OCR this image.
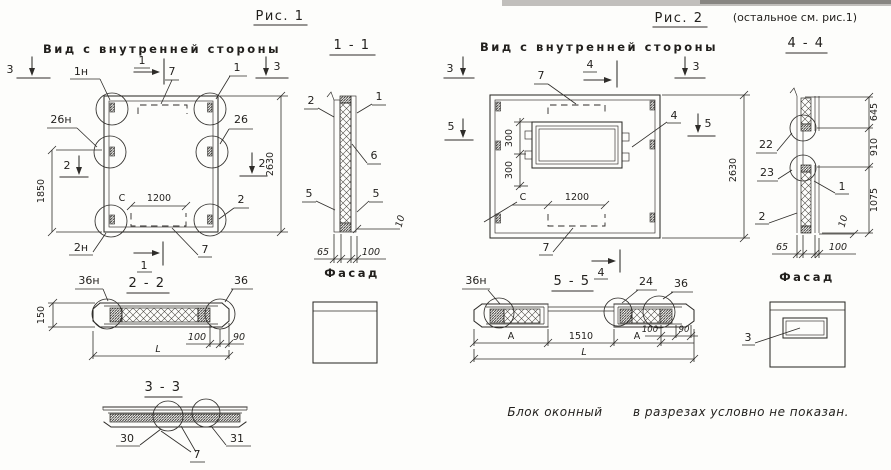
Рис. 1
Вид с внутренней стороны
3
1	3
2	2
1
1н	7	1
26н	26
2н
2
7
1850
2630
С 1200
1 - 1
2	1
6
5	5
65	100
10
Фасад
2 - 2
36н	36
150
100	90
L
3 - 3
30	31
7
Рис. 2	(остальное см. рис.1)
Вид с внутренней стороны
3	4	3
5	5
7
4
7
4
300
300
С	1200
2630
4 - 4
22
23
1
2	10
645
910
1075
65	100
Фасад
3
5 - 5
36н	24 36
А	1510	А
100 90
L
Блок оконный	в разрезах условно не показан.
